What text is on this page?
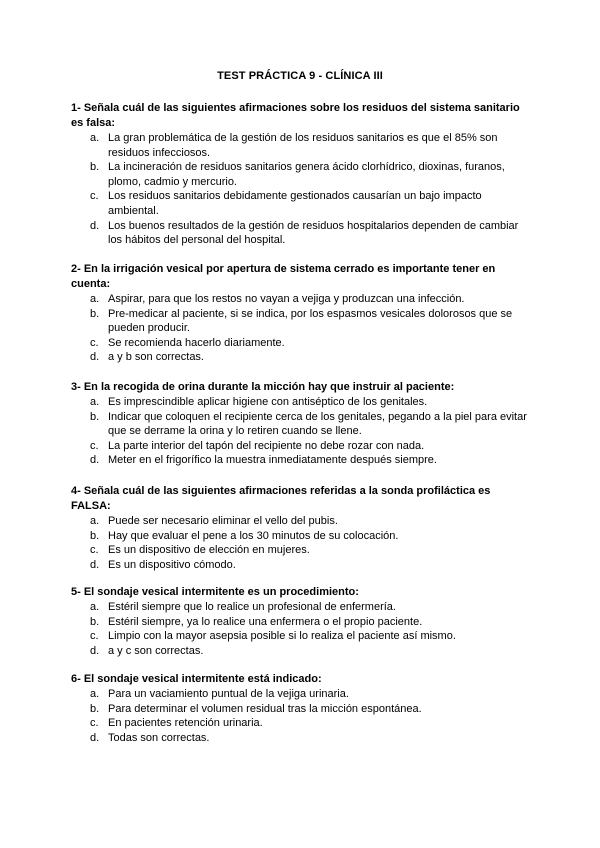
TEST PRÁCTICA 9 - CLÍNICA III

1- Señala cuál de las siguientes afirmaciones sobre los residuos del sistema sanitario es falsa:

a. La gran problemática de la gestión de los residuos sanitarios es que el 85% son residuos infecciosos.
b. La incineración de residuos sanitarios genera ácido clorhídrico, dioxinas, furanos, plomo, cadmio y mercurio.
c. Los residuos sanitarios debidamente gestionados causarían un bajo impacto ambiental.
d. Los buenos resultados de la gestión de residuos hospitalarios dependen de cambiar los hábitos del personal del hospital.

2- En la irrigación vesical por apertura de sistema cerrado es importante tener en cuenta:

a. Aspirar, para que los restos no vayan a vejiga y produzcan una infección.
b. Pre-medicar al paciente, si se indica, por los espasmos vesicales dolorosos que se pueden producir.
c. Se recomienda hacerlo diariamente.
d. a y b son correctas.

3- En la recogida de orina durante la micción hay que instruir al paciente:

a. Es imprescindible aplicar higiene con antiséptico de los genitales.
b. Indicar que coloquen el recipiente cerca de los genitales, pegando a la piel para evitar que se derrame la orina y lo retiren cuando se llene.
c. La parte interior del tapón del recipiente no debe rozar con nada.
d. Meter en el frigorífico la muestra inmediatamente después siempre.

4- Señala cuál de las siguientes afirmaciones referidas a la sonda profiláctica es FALSA:

a. Puede ser necesario eliminar el vello del pubis.
b. Hay que evaluar el pene a los 30 minutos de su colocación.
c. Es un dispositivo de elección en mujeres.
d. Es un dispositivo cómodo.

5- El sondaje vesical intermitente es un procedimiento:

a. Estéril siempre que lo realice un profesional de enfermería.
b. Estéril siempre, ya lo realice una enfermera o el propio paciente.
c. Limpio con la mayor asepsia posible si lo realiza el paciente así mismo.
d. a y c son correctas.

6- El sondaje vesical intermitente está indicado:

a. Para un vaciamiento puntual de la vejiga urinaria.
b. Para determinar el volumen residual tras la micción espontánea.
c. En pacientes retención urinaria.
d. Todas son correctas.
